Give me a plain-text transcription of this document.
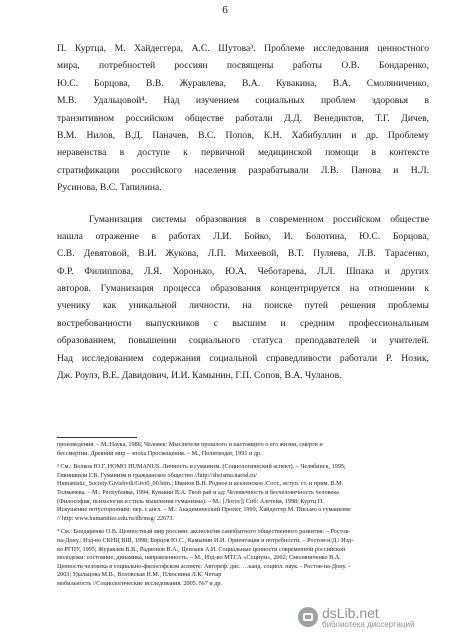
6
П. Куртца, М. Хайдеггера, А.С. Шутова³. Проблеме исследования ценностного
мира, потребностей россиян посвящены работы О.В. Бондаренко,
Ю.С. Борцова, В.В. Журавлева, В.А. Кувакина, В.А. Смоляниченко,
М.В. Удальцовой⁴. Над изучением социальных проблем здоровья в
транзитивном российском обществе работали Д.Д. Венедиктов, Т.Г. Дичев,
В.М. Нилов, В.Д. Паначев, В.С. Попов, К.Н. Хабибуллин и др. Проблему
неравенства в доступе к первичной медицинской помощи в контексте
стратификации российского населения разрабатывали Л.В. Панова и Н.Л.
Русинова, В.С. Тапилина.
Гуманизация системы образования в современном российском обществе
нашла отражение в работах Л.И. Бойко, И. Болотина, Ю.С. Борцова,
С.В. Девятовой, В.И. Жукова, Л.П. Михеевой, В.Т. Пуляева, Л.В. Тарасенко,
Ф.Р. Филиппова, Л.Я. Хоронько, Ю.А. Чеботарева, Л.Л. Шпака и других
авторов. Гуманизация процесса образования концентрируется на отношении к
ученику как уникальной личности, на поиске путей решения проблемы
востребованности выпускников с высшим и средним профессиональным
образованием, повышении социального статуса преподавателей и учителей.
Над исследованием содержания социальной справедливости работали Р. Нозик,
Дж. Роулз, В.Е. Давидович, И.И. Камынин, Г.П. Сопов, В.А. Чуланов.
произведения. – М.:Наука, 1986; Человек: Мыслители прошлого и настоящего о его жизни, смерти и
бессмертии. Древний мир – эпоха Просвещения. – М., Политиздат, 1991 и др.
³ См.: Волков Ю.Г. HOMO HUMANUS. Личность и гуманизм. (Социологический аспект). – Челябинск, 1995;
Гивишвили Г.В. Гуманизм и гражданское общество //http://shcismu.narod.ru/
Humanistic_Society/Givishvili/Givi0_00.htm.; Иванов В.Н. Родное и вселенское /Сост., вступ. ст. и прим. В.М.
Толмачева. – М.: Республика, 1994; Кувакин В.А. Твой рай и ад: Человечность и бесчеловечность человека
(Философия, психология и стиль мышления гуманизма). – М.: [Логос]; Спб: Алетейя, 1998; Куртц П.
Искушение потусторонним: пер. с англ. – М.: Академический Проект, 1999; Хайдеггер М. Письмо о гуманизме
// http: www.humanities.edu.ru/db/msg/ 22673.
⁴ См.: Бондаренко О.В. Ценностный мир россиян: аксиология самобытного общественного развития. – Ростов-
на-Дону.: Изд-во СКНЦ ВШ, 1998; Борцов Ю.С., Камынин И.И. Ориентация и потребности. – Ростов-н/Д.: Изд-
во РГПУ, 1995; Журавлев В.В., Радионов В.А., Цеплаев А.И. Социальные ценности современной российской
молодежи: состояние, динамика, направленность. – М., Изд-во МТСА «Социум», 2002; Смоляниченко В.А.
Ценности человека в социально-философском аспекте: Автореф. дис. …канд. социол. наук. - Ростов-на-Дону. -
2003; Удальцова М.В., Воловская Н.М., Плюснина Л.К. Четыр
мобильность //Социологические исследования. 2005. №7 и др.
dsLib.net
библиотека диссертаций
